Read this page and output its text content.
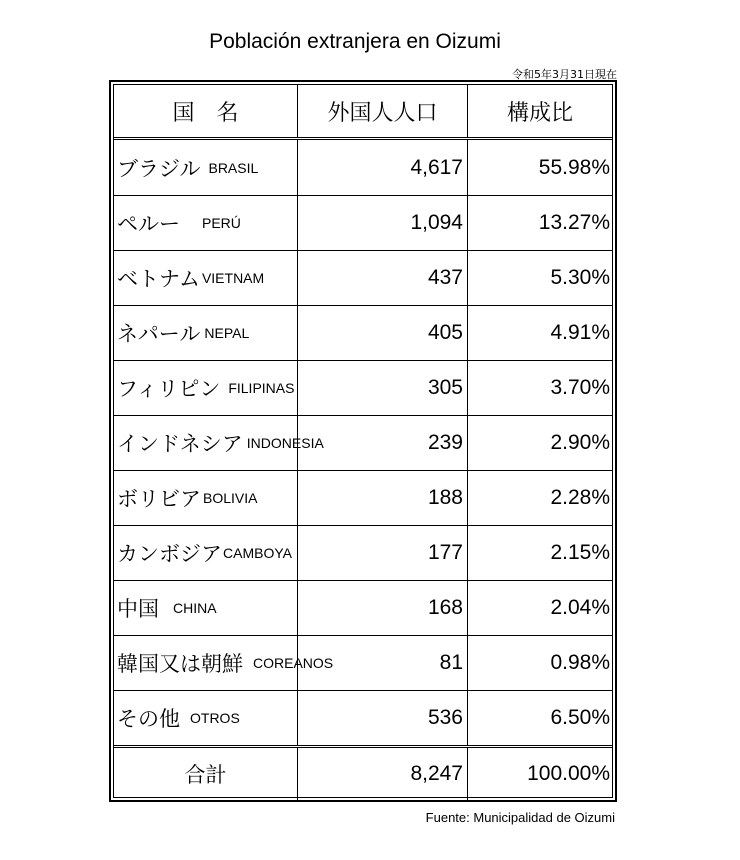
Población extranjera en Oizumi
令和5年3月31日現在
国　名	外国人人口	構成比
ブラジル BRASIL	4,617	55.98%
ペルー PERÚ	1,094	13.27%
ベトナム VIETNAM	437	5.30%
ネパール NEPAL	405	4.91%
フィリピン FILIPINAS	305	3.70%
インドネシア INDONESIA	239	2.90%
ボリビア BOLIVIA	188	2.28%
カンボジア CAMBOYA	177	2.15%
中国 CHINA	168	2.04%
韓国又は朝鮮 COREANOS	81	0.98%
その他 OTROS	536	6.50%
合計	8,247	100.00%
Fuente: Municipalidad de Oizumi
